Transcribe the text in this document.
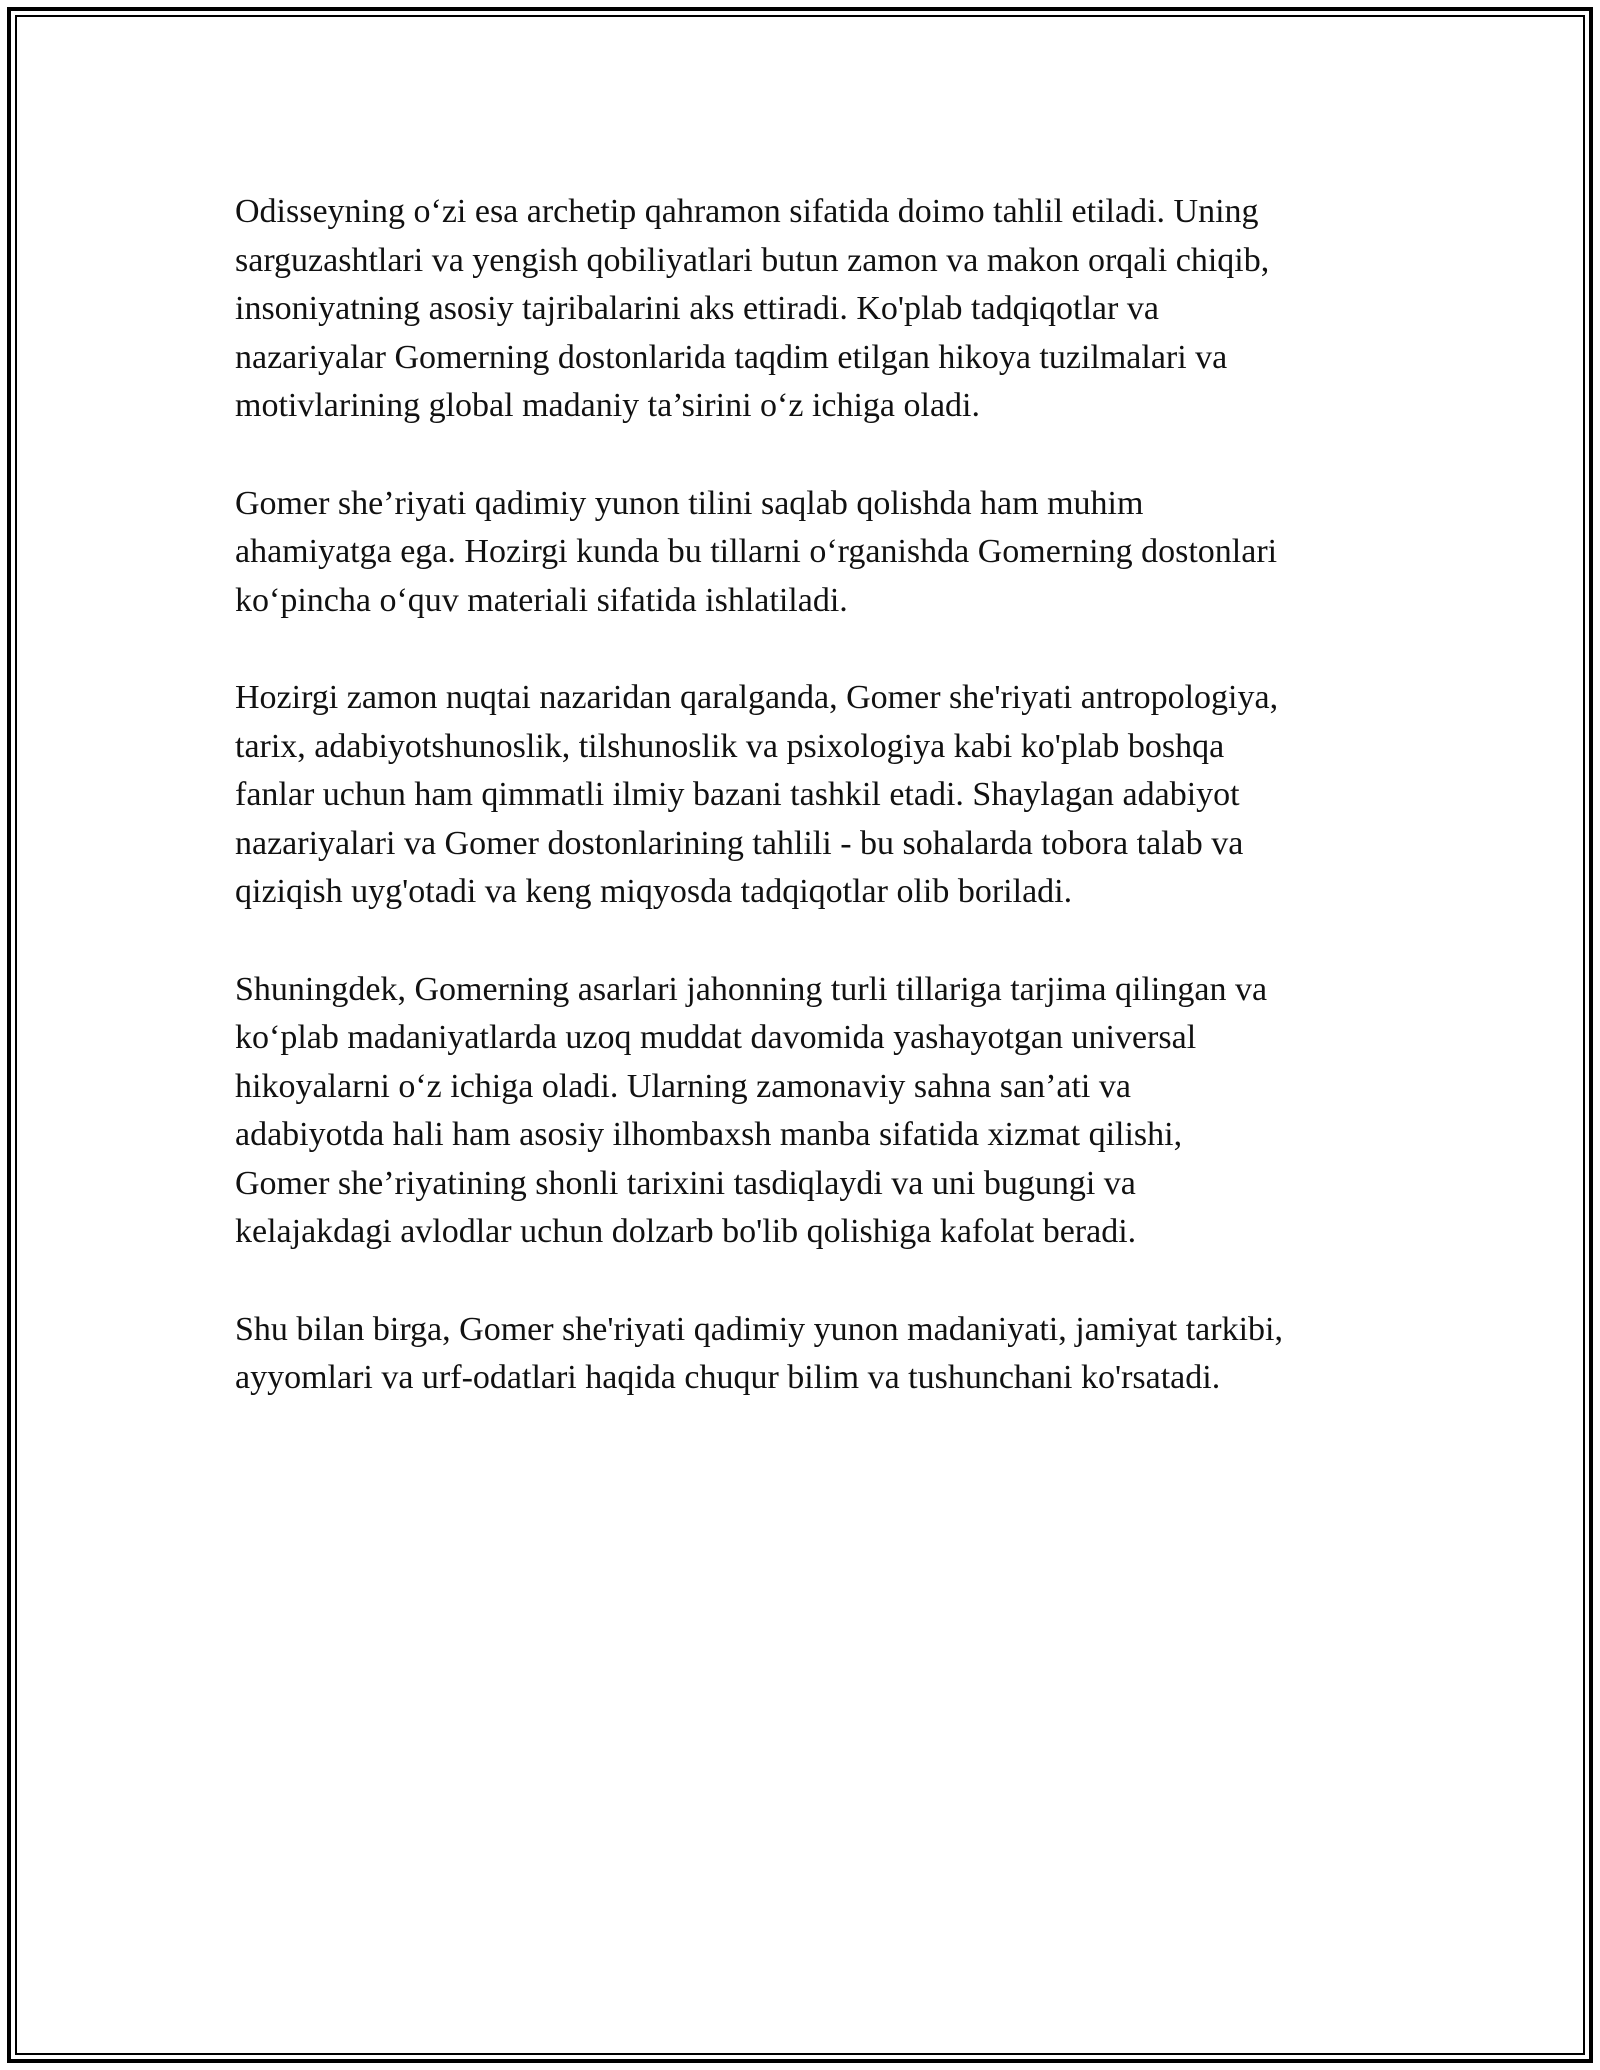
Odisseyning o‘zi esa archetip qahramon sifatida doimo tahlil etiladi. Uning
sarguzashtlari va yengish qobiliyatlari butun zamon va makon orqali chiqib,
insoniyatning asosiy tajribalarini aks ettiradi. Ko'plab tadqiqotlar va
nazariyalar Gomerning dostonlarida taqdim etilgan hikoya tuzilmalari va
motivlarining global madaniy ta’sirini o‘z ichiga oladi.

Gomer she’riyati qadimiy yunon tilini saqlab qolishda ham muhim
ahamiyatga ega. Hozirgi kunda bu tillarni o‘rganishda Gomerning dostonlari
ko‘pincha o‘quv materiali sifatida ishlatiladi.

Hozirgi zamon nuqtai nazaridan qaralganda, Gomer she'riyati antropologiya,
tarix, adabiyotshunoslik, tilshunoslik va psixologiya kabi ko'plab boshqa
fanlar uchun ham qimmatli ilmiy bazani tashkil etadi. Shaylagan adabiyot
nazariyalari va Gomer dostonlarining tahlili - bu sohalarda tobora talab va
qiziqish uyg'otadi va keng miqyosda tadqiqotlar olib boriladi.

Shuningdek, Gomerning asarlari jahonning turli tillariga tarjima qilingan va
ko‘plab madaniyatlarda uzoq muddat davomida yashayotgan universal
hikoyalarni o‘z ichiga oladi. Ularning zamonaviy sahna san’ati va
adabiyotda hali ham asosiy ilhombaxsh manba sifatida xizmat qilishi,
Gomer she’riyatining shonli tarixini tasdiqlaydi va uni bugungi va
kelajakdagi avlodlar uchun dolzarb bo'lib qolishiga kafolat beradi.

Shu bilan birga, Gomer she'riyati qadimiy yunon madaniyati, jamiyat tarkibi,
ayyomlari va urf-odatlari haqida chuqur bilim va tushunchani ko'rsatadi.
